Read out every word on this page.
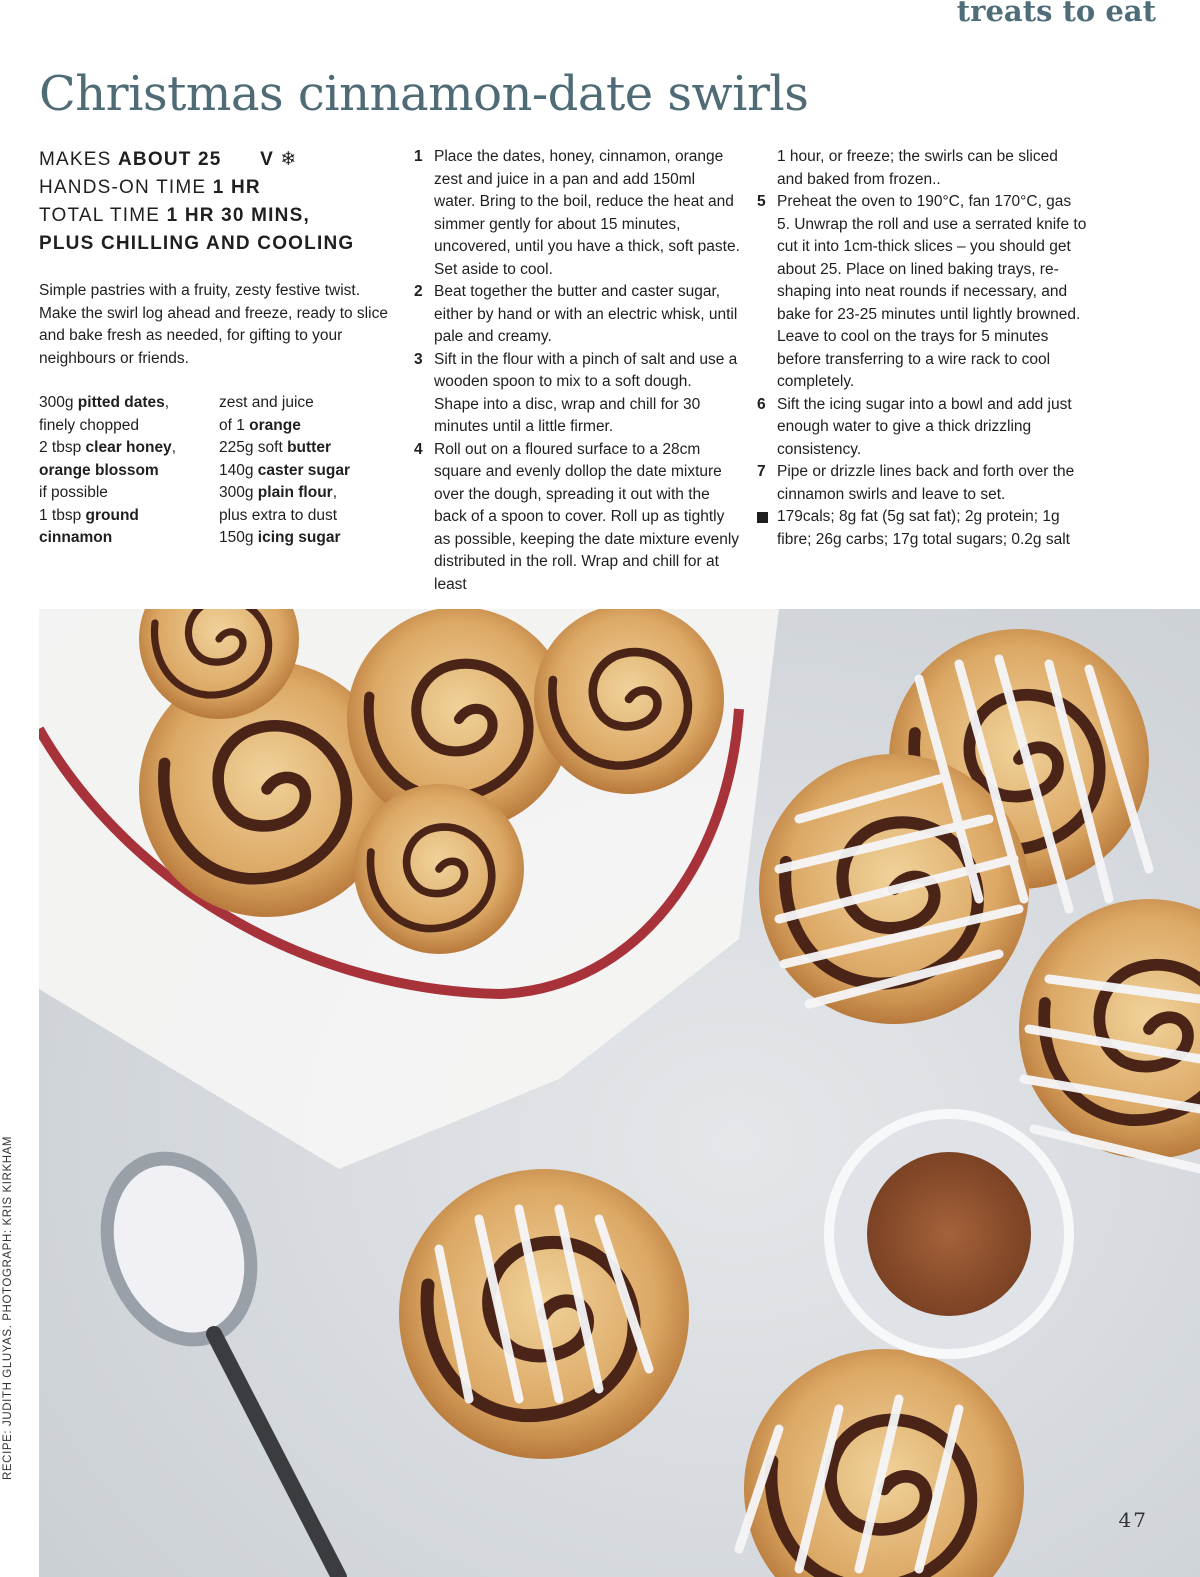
treats to eat
Christmas cinnamon-date swirls
MAKES ABOUT 25 V ❄
HANDS-ON TIME 1 HR
TOTAL TIME 1 HR 30 MINS,
PLUS CHILLING AND COOLING

Simple pastries with a fruity, zesty festive twist. Make the swirl log ahead and freeze, ready to slice and bake fresh as needed, for gifting to your neighbours or friends.

300g pitted dates,

finely chopped

2 tbsp clear honey,

orange blossom

if possible

1 tbsp ground

cinnamon

zest and juice

of 1 orange

225g soft butter

140g caster sugar

300g plain flour,

plus extra to dust

150g icing sugar

1 Place the dates, honey, cinnamon, orange zest and juice in a pan and add 150ml water. Bring to the boil, reduce the heat and simmer gently for about 15 minutes, uncovered, until you have a thick, soft paste. Set aside to cool.
2 Beat together the butter and caster sugar, either by hand or with an electric whisk, until pale and creamy.
3 Sift in the flour with a pinch of salt and use a wooden spoon to mix to a soft dough. Shape into a disc, wrap and chill for 30 minutes until a little firmer.
4 Roll out on a floured surface to a 28cm square and evenly dollop the date mixture over the dough, spreading it out with the back of a spoon to cover. Roll up as tightly as possible, keeping the date mixture evenly distributed in the roll. Wrap and chill for at least
1 hour, or freeze; the swirls can be sliced and baked from frozen..
5 Preheat the oven to 190°C, fan 170°C, gas 5. Unwrap the roll and use a serrated knife to cut it into 1cm-thick slices – you should get about 25. Place on lined baking trays, re-shaping into neat rounds if necessary, and bake for 23-25 minutes until lightly browned. Leave to cool on the trays for 5 minutes before transferring to a wire rack to cool completely.
6 Sift the icing sugar into a bowl and add just enough water to give a thick drizzling consistency.
7 Pipe or drizzle lines back and forth over the cinnamon swirls and leave to set.
179cals; 8g fat (5g sat fat); 2g protein; 1g fibre; 26g carbs; 17g total sugars; 0.2g salt
RECIPE: JUDITH GLUYAS. PHOTOGRAPH: KRIS KIRKHAM
47
